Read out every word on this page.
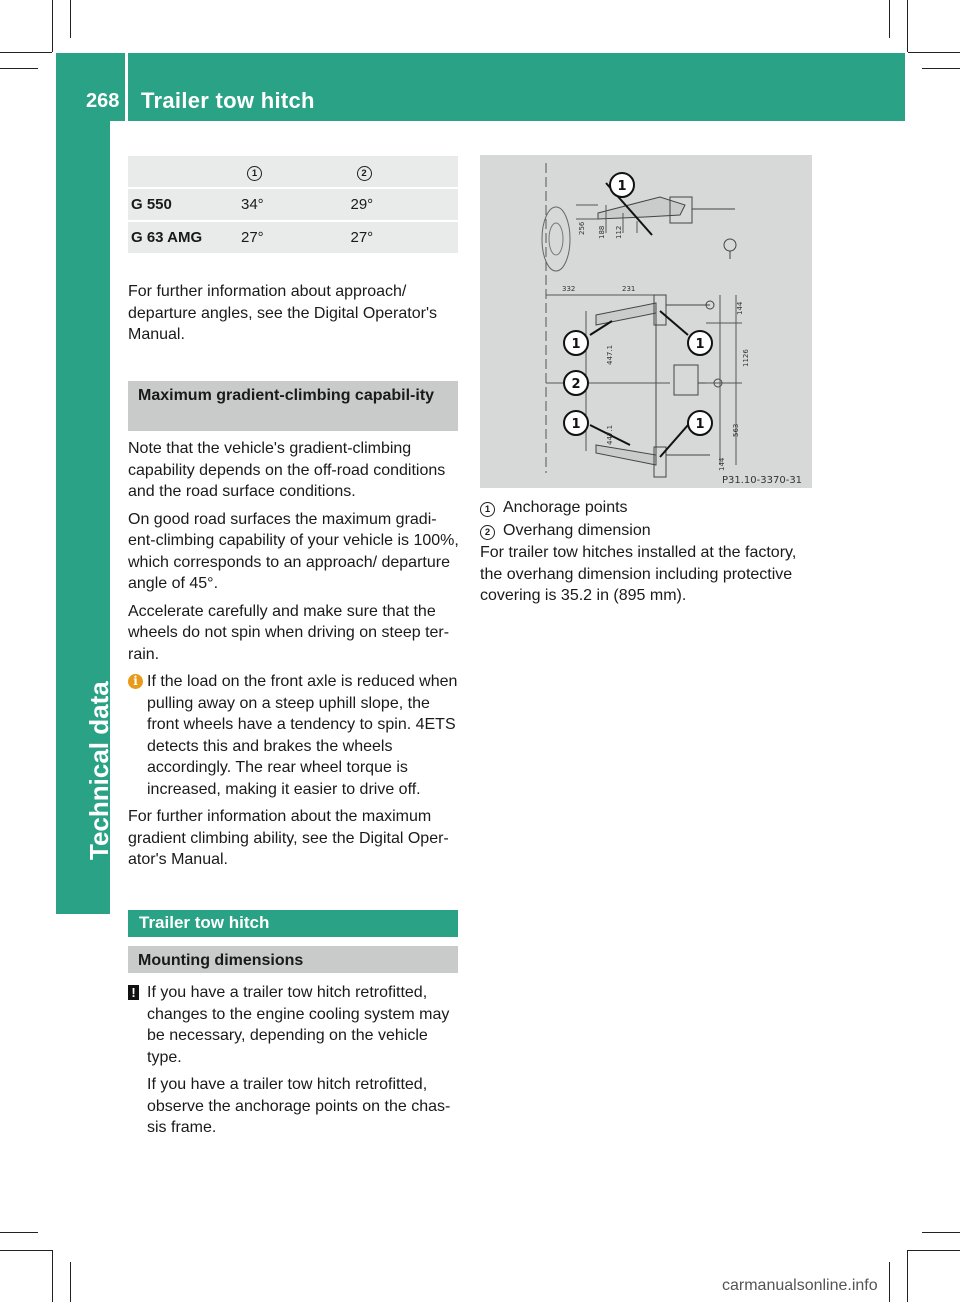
268 Trailer tow hitch
Technical data
	1	2
G 550	34°	29°
G 63 AMG	27°	27°

For further information about approach/ departure angles, see the Digital Operator's Manual.

Maximum gradient-climbing capabil-ity

Note that the vehicle's gradient-climbing capability depends on the off-road conditions and the road surface conditions.

On good road surfaces the maximum gradi-ent-climbing capability of your vehicle is 100%, which corresponds to an approach/ departure angle of 45°.

Accelerate carefully and make sure that the wheels do not spin when driving on steep ter-rain.

i If the load on the front axle is reduced when pulling away on a steep uphill slope, the front wheels have a tendency to spin. 4ETS detects this and brakes the wheels accordingly. The rear wheel torque is increased, making it easier to drive off.

For further information about the maximum gradient climbing ability, see the Digital Oper-ator's Manual.

Trailer tow hitch
Mounting dimensions
! If you have a trailer tow hitch retrofitted, changes to the engine cooling system may be necessary, depending on the vehicle type.

If you have a trailer tow hitch retrofitted, observe the anchorage points on the chas-sis frame.

1
1	1
2
1	1
256 188 112
332	231
144
447.1
447.1
1126
563
144
P31.10-3370-31
1 Anchorage points
2 Overhang dimension

For trailer tow hitches installed at the factory, the overhang dimension including protective covering is 35.2 in (895 mm).

carmanualsonline.info
